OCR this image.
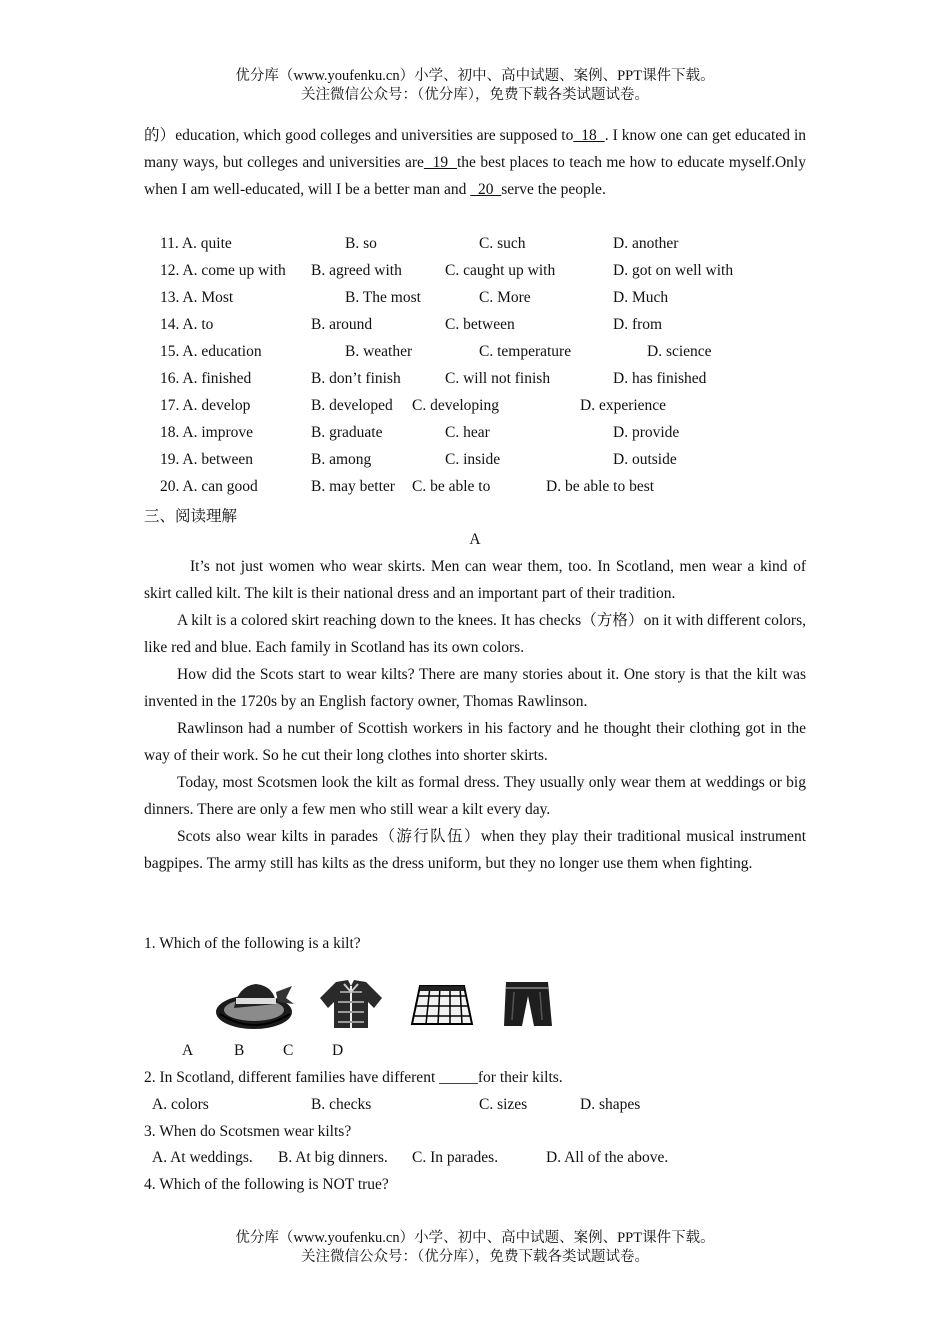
优分库（www.youfenku.cn）小学、初中、高中试题、案例、PPT课件下载。
关注微信公众号：（优分库），免费下载各类试题试卷。
的）education, which good colleges and universities are supposed to  18  . I know one can get educated in many ways, but colleges and universities are  19  the best places to teach me how to educate myself.Only when I am well-educated, will I be a better man and   20  serve the people.
11. A. quite	B. so	C. such	D. another
12. A. come up with B. agreed with	C. caught up with	D. got on well with
13. A. Most	B. The most	C. More	D. Much
14. A. to	B. around	C. between	D. from
15. A. education	B. weather	C. temperature	D. science
16. A. finished	B. don’t finish	C. will not finish	D. has finished
17. A. develop	B. developed C. developing	D. experience
18. A. improve	B. graduate	C. hear	D. provide
19. A. between	B. among	C. inside	D. outside
20. A. can good	B. may better C. be able to	D. be able to best
三、阅读理解
A
It’s not just women who wear skirts. Men can wear them, too. In Scotland, men wear a kind of skirt called kilt. The kilt is their national dress and an important part of their tradition.
A kilt is a colored skirt reaching down to the knees. It has checks（方格）on it with different colors, like red and blue. Each family in Scotland has its own colors.
How did the Scots start to wear kilts? There are many stories about it. One story is that the kilt was invented in the 1720s by an English factory owner, Thomas Rawlinson.
Rawlinson had a number of Scottish workers in his factory and he thought their clothing got in the way of their work. So he cut their long clothes into shorter skirts.
Today, most Scotsmen look the kilt as formal dress. They usually only wear them at weddings or big dinners. There are only a few men who still wear a kilt every day.
Scots also wear kilts in parades（游行队伍）when they play their traditional musical instrument bagpipes. The army still has kilts as the dress uniform, but they no longer use them when fighting.
1. Which of the following is a kilt?
A	B C D
2. In Scotland, different families have different _____for their kilts.
A. colors	B. checks	C. sizes	D. shapes
3. When do Scotsmen wear kilts?
A. At weddings. B. At big dinners. C. In parades.	D. All of the above.
4. Which of the following is NOT true?
优分库（www.youfenku.cn）小学、初中、高中试题、案例、PPT课件下载。
关注微信公众号：（优分库），免费下载各类试题试卷。
